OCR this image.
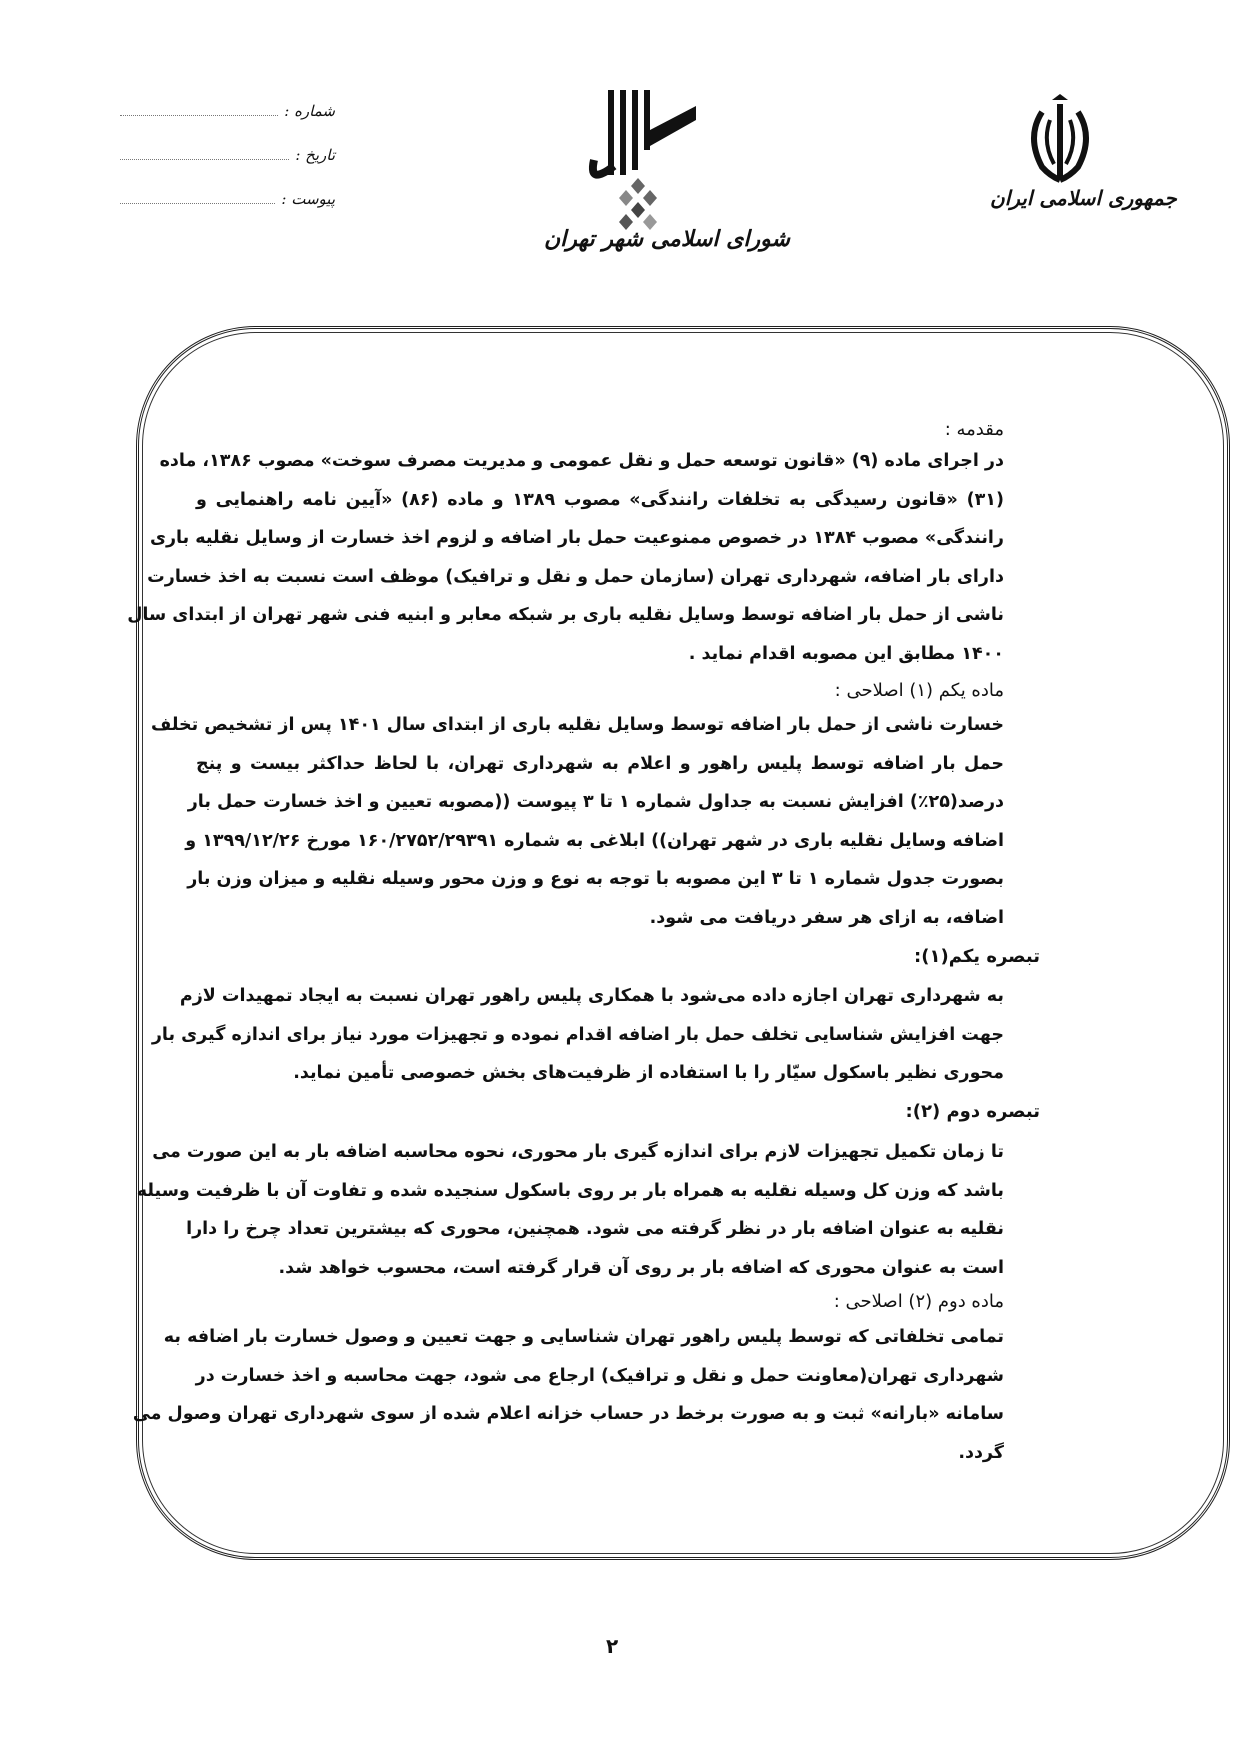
جمهوری اسلامی ایران
شورای اسلامی شهر تهران
شماره :
تاریخ :
پیوست :
مقدمه :
در اجرای ماده (۹) «قانون توسعه حمل و نقل عمومی و مدیریت مصرف سوخت» مصوب ۱۳۸۶، ماده
(۳۱) «قانون رسیدگی به تخلفات رانندگی» مصوب ۱۳۸۹ و ماده (۸۶) «آیین نامه راهنمایی و
رانندگی» مصوب ۱۳۸۴ در خصوص ممنوعیت حمل بار اضافه و لزوم اخذ خسارت از وسایل نقلیه باری
دارای بار اضافه، شهرداری تهران (سازمان حمل و نقل و ترافیک) موظف است نسبت به اخذ خسارت
ناشی از حمل بار اضافه توسط وسایل نقلیه باری بر شبکه معابر و ابنیه فنی شهر تهران از ابتدای سال
۱۴۰۰ مطابق این مصوبه اقدام نماید .
ماده یکم (۱) اصلاحی :
خسارت ناشی از حمل بار اضافه توسط وسایل نقلیه باری از ابتدای سال ۱۴۰۱ پس از تشخیص تخلف
حمل بار اضافه توسط پلیس راهور و اعلام به شهرداری تهران، با لحاظ حداکثر بیست و پنج
درصد(۲۵٪) افزایش نسبت به جداول شماره ۱ تا ۳ پیوست ((مصوبه تعیین و اخذ خسارت حمل بار
اضافه وسایل نقلیه باری در شهر تهران)) ابلاغی به شماره ۱۶۰/۲۷۵۲/۲۹۳۹۱ مورخ ۱۳۹۹/۱۲/۲۶ و
بصورت جدول شماره ۱ تا ۳ این مصوبه با توجه به نوع و وزن محور وسیله نقلیه و میزان وزن بار
اضافه، به ازای هر سفر دریافت می شود.
تبصره یکم(۱):
به شهرداری تهران اجازه داده می‌شود با همکاری پلیس راهور تهران نسبت به ایجاد تمهیدات لازم
جهت افزایش شناسایی تخلف حمل بار اضافه اقدام نموده و تجهیزات مورد نیاز برای اندازه گیری بار
محوری نظیر باسکول سیّار را با استفاده از ظرفیت‌های بخش خصوصی تأمین نماید.
تبصره دوم (۲):
تا زمان تکمیل تجهیزات لازم برای اندازه گیری بار محوری، نحوه محاسبه اضافه بار به این صورت می
باشد که وزن کل وسیله نقلیه به همراه بار بر روی باسکول سنجیده شده و تفاوت آن با ظرفیت وسیله
نقلیه به عنوان اضافه بار در نظر گرفته می شود. همچنین، محوری که بیشترین تعداد چرخ را دارا
است به عنوان محوری که اضافه بار بر روی آن قرار گرفته است، محسوب خواهد شد.
ماده دوم (۲) اصلاحی :
تمامی تخلفاتی که توسط پلیس راهور تهران شناسایی و جهت تعیین و وصول خسارت بار اضافه به
شهرداری تهران(معاونت حمل و نقل و ترافیک) ارجاع می شود، جهت محاسبه و اخذ خسارت در
سامانه «بارانه» ثبت و به صورت برخط در حساب خزانه اعلام شده از سوی شهرداری تهران وصول می
گردد.
۲
